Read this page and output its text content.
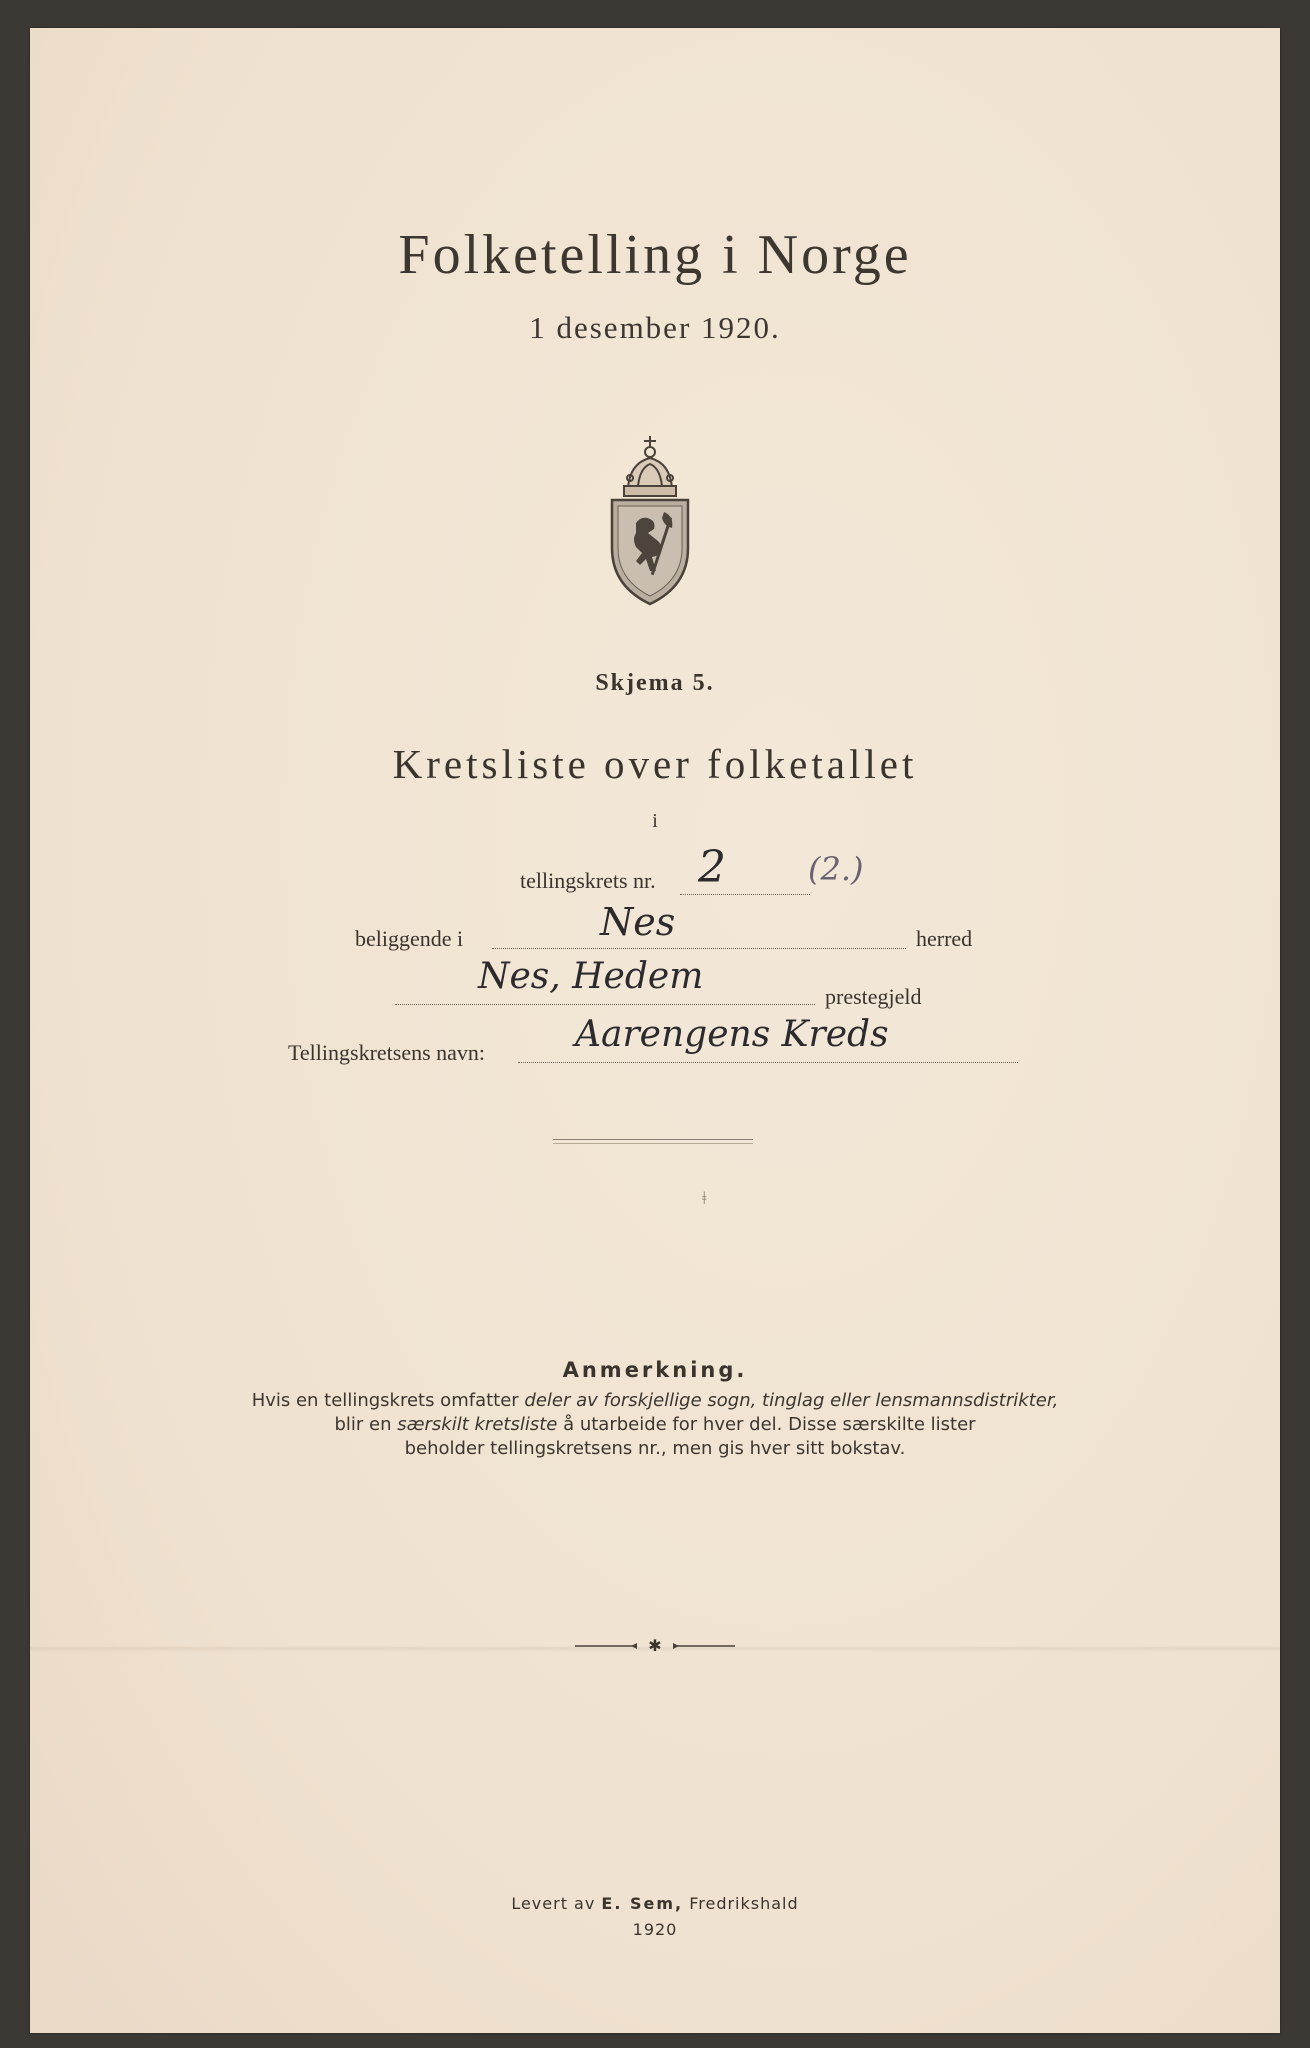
Folketelling i Norge
1 desember 1920.
Skjema 5.
Kretsliste over folketallet
i
tellingskrets nr. 2	(2.)
beliggende i	Nes	herred
Nes, Hedem	prestegjeld
Tellingskretsens navn: Aarengens Kreds
ǂ
Anmerkning.
Hvis en tellingskrets omfatter deler av forskjellige sogn, tinglag eller lensmannsdistrikter,
blir en særskilt kretsliste å utarbeide for hver del. Disse særskilte lister
beholder tellingskretsens nr., men gis hver sitt bokstav.
✱
Levert av E. Sem, Fredrikshald
1920
